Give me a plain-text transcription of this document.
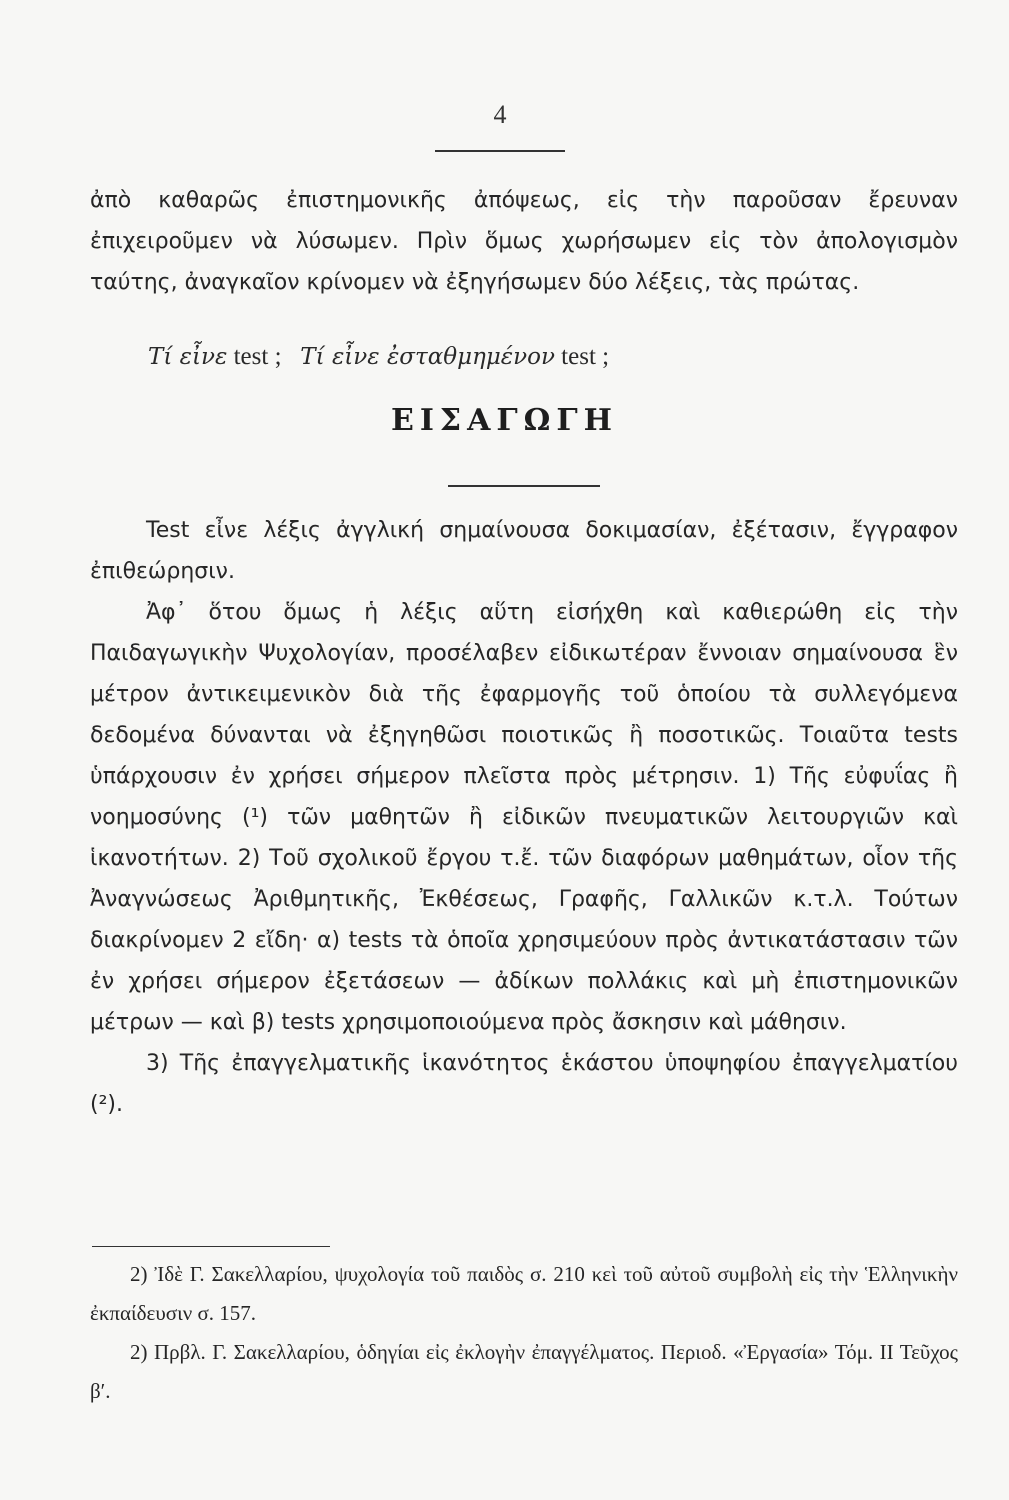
4

ἀπὸ καθαρῶς ἐπιστημονικῆς ἀπόψεως, εἰς τὴν παροῦσαν ἔρευναν ἐπιχειροῦμεν νὰ λύσωμεν. Πρὶν ὅμως χωρήσωμεν εἰς τὸν ἀπολογισμὸν ταύτης, ἀναγκαῖον κρίνομεν νὰ ἐξηγήσωμεν δύο λέξεις, τὰς πρώτας.

Τί εἶνε test ; Τί εἶνε ἐσταθμημένον test ;
ΕΙΣΑΓΩΓΗ

Test εἶνε λέξις ἀγγλική σημαίνουσα δοκιμασίαν, ἐξέτασιν, ἔγγραφον ἐπιθεώρησιν.

Ἀφ᾽ ὅτου ὅμως ἡ λέξις αὕτη εἰσήχθη καὶ καθιερώθη εἰς τὴν Παιδαγωγικὴν Ψυχολογίαν, προσέλαβεν εἰδικωτέραν ἔννοιαν σημαίνουσα ἓν μέτρον ἀντικειμενικὸν διὰ τῆς ἐφαρμογῆς τοῦ ὁποίου τὰ συλλεγόμενα δεδομένα δύνανται νὰ ἐξηγηθῶσι ποιοτικῶς ἢ ποσοτικῶς. Τοιαῦτα tests ὑπάρχουσιν ἐν χρήσει σήμερον πλεῖστα πρὸς μέτρησιν. 1) Τῆς εὐφυΐας ἢ νοημοσύνης (¹) τῶν μαθητῶν ἢ εἰδικῶν πνευματικῶν λειτουργιῶν καὶ ἱκανοτήτων. 2) Τοῦ σχολικοῦ ἔργου τ.ἔ. τῶν διαφόρων μαθημάτων, οἷον τῆς Ἀναγνώσεως Ἀριθμητικῆς, Ἐκθέσεως, Γραφῆς, Γαλλικῶν κ.τ.λ. Τούτων διακρίνομεν 2 εἴδη· α) tests τὰ ὁποῖα χρησιμεύουν πρὸς ἀντικατάστασιν τῶν ἐν χρήσει σήμερον ἐξετάσεων — ἀδίκων πολλάκις καὶ μὴ ἐπιστημονικῶν μέτρων — καὶ β) tests χρησιμοποιούμενα πρὸς ἄσκησιν καὶ μάθησιν.

3) Τῆς ἐπαγγελματικῆς ἱκανότητος ἑκάστου ὑποψηφίου ἐπαγγελματίου (²).

2) Ἰδὲ Γ. Σακελλαρίου, ψυχολογία τοῦ παιδὸς σ. 210 κεὶ τοῦ αὐτοῦ συμβολὴ εἰς τὴν Ἑλληνικὴν ἐκπαίδευσιν σ. 157.

2) Πρβλ. Γ. Σακελλαρίου, ὁδηγίαι εἰς ἐκλογὴν ἐπαγγέλματος. Περιοδ. «Ἐργασία» Τόμ. ΙΙ Τεῦχος β′.
